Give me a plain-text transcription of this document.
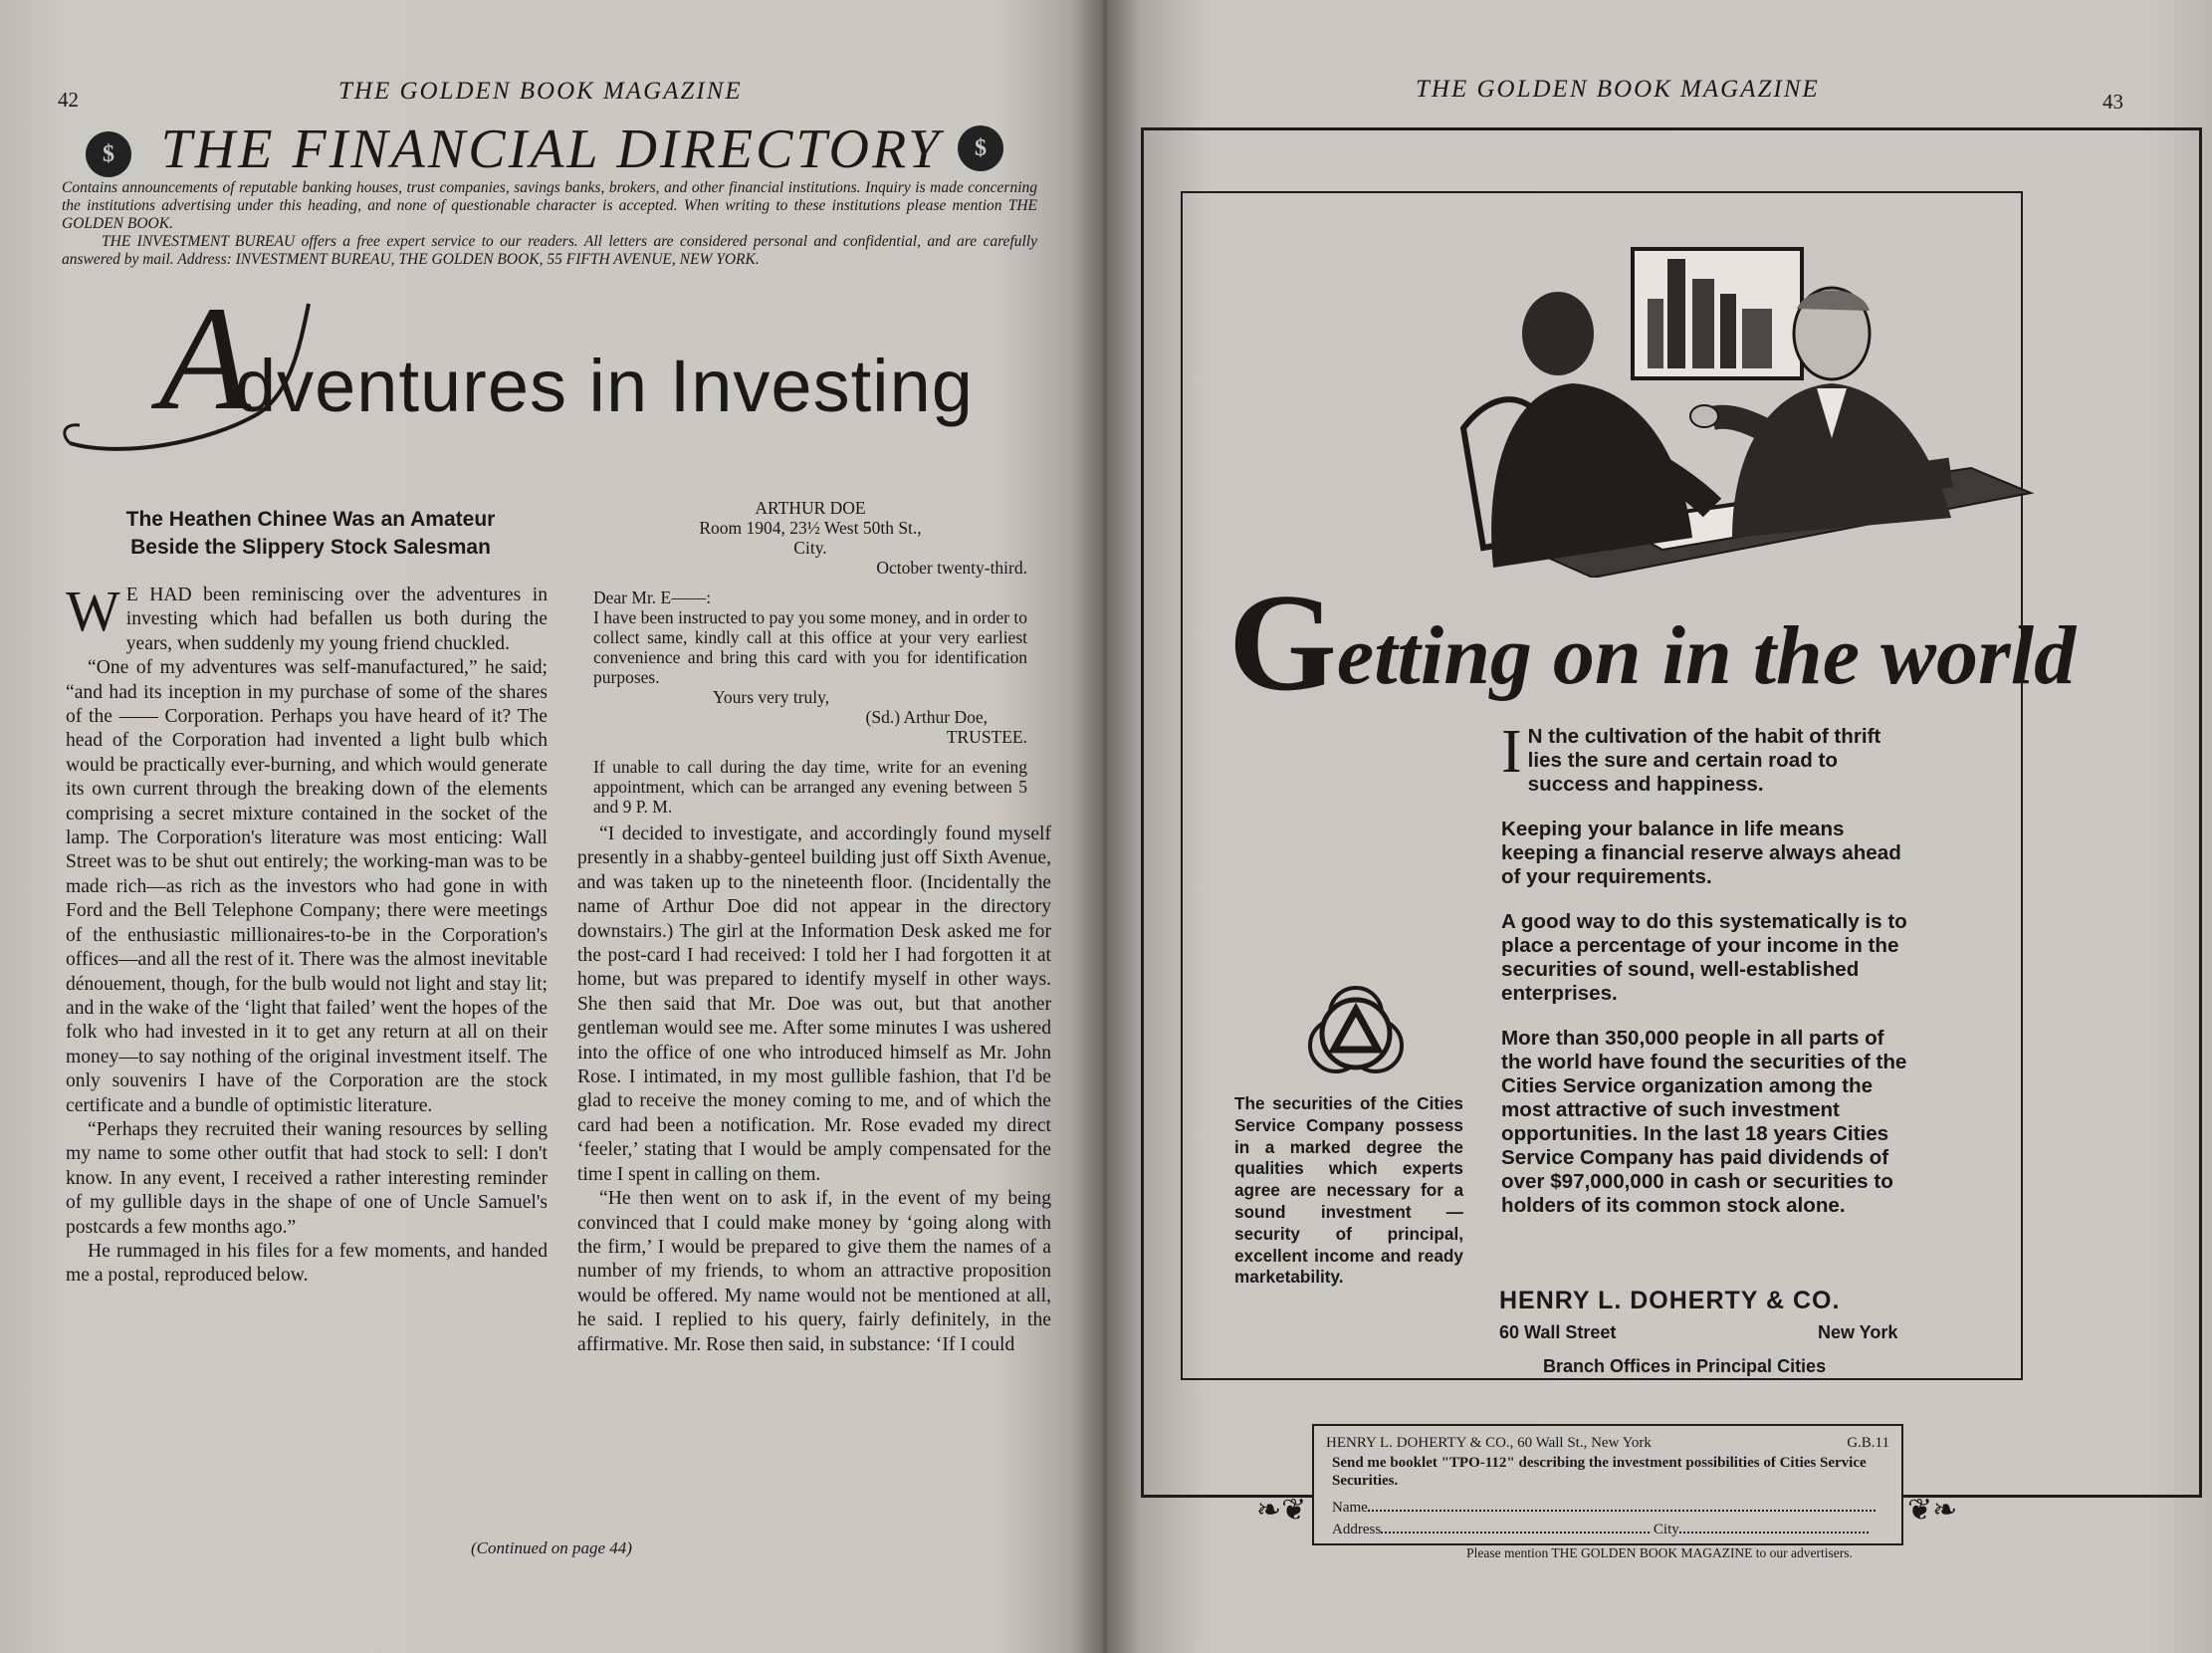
42	THE GOLDEN BOOK MAGAZINE
$	$
THE FINANCIAL DIRECTORY

Contains announcements of reputable banking houses, trust companies, savings banks, brokers, and other financial institutions. Inquiry is made concerning the institutions advertising under this heading, and none of questionable character is accepted. When writing to these institutions please mention THE GOLDEN BOOK.

THE INVESTMENT BUREAU offers a free expert service to our readers. All letters are considered personal and confidential, and are carefully answered by mail. Address: INVESTMENT BUREAU, THE GOLDEN BOOK, 55 FIFTH AVENUE, NEW YORK.

A
dventures in Investing
The Heathen Chinee Was an Amateur
Beside the Slippery Stock Salesman

W E HAD been reminiscing over the adventures in investing which had befallen us both during the years, when suddenly my young friend chuckled.

“One of my adventures was self-manufactured,” he said; “and had its inception in my purchase of some of the shares of the —— Corporation. Perhaps you have heard of it? The head of the Corporation had invented a light bulb which would be practically ever-burning, and which would generate its own current through the breaking down of the elements comprising a secret mixture contained in the socket of the lamp. The Corporation's literature was most enticing: Wall Street was to be shut out entirely; the working-man was to be made rich—as rich as the investors who had gone in with Ford and the Bell Telephone Company; there were meetings of the enthusiastic millionaires-to-be in the Corporation's offices—and all the rest of it. There was the almost inevitable dénouement, though, for the bulb would not light and stay lit; and in the wake of the ‘light that failed’ went the hopes of the folk who had invested in it to get any return at all on their money—to say nothing of the original investment itself. The only souvenirs I have of the Corporation are the stock certificate and a bundle of optimistic literature.

“Perhaps they recruited their waning resources by selling my name to some other outfit that had stock to sell: I don't know. In any event, I received a rather interesting reminder of my gullible days in the shape of one of Uncle Samuel's postcards a few months ago.”

He rummaged in his files for a few moments, and handed me a postal, reproduced below.

ARTHUR DOE

Room 1904, 23½ West 50th St.,

City.

October twenty-third.

Dear Mr. E——:

I have been instructed to pay you some money, and in order to collect same, kindly call at this office at your very earliest convenience and bring this card with you for identification purposes.

Yours very truly,

(Sd.) Arthur Doe,

TRUSTEE.

If unable to call during the day time, write for an evening appointment, which can be arranged any evening between 5 and 9 P. M.

“I decided to investigate, and accordingly found myself presently in a shabby-genteel building just off Sixth Avenue, and was taken up to the nineteenth floor. (Incidentally the name of Arthur Doe did not appear in the directory downstairs.) The girl at the Information Desk asked me for the post-card I had received: I told her I had forgotten it at home, but was prepared to identify myself in other ways. She then said that Mr. Doe was out, but that another gentleman would see me. After some minutes I was ushered into the office of one who introduced himself as Mr. John Rose. I intimated, in my most gullible fashion, that I'd be glad to receive the money coming to me, and of which the card had been a notification. Mr. Rose evaded my direct ‘feeler,’ stating that I would be amply compensated for the time I spent in calling on them.

“He then went on to ask if, in the event of my being convinced that I could make money by ‘going along with the firm,’ I would be prepared to give them the names of a number of my friends, to whom an attractive proposition would be offered. My name would not be mentioned at all, he said. I replied to his query, fairly definitely, in the affirmative. Mr. Rose then said, in substance: ‘If I could

(Continued on page 44)
THE GOLDEN BOOK MAGAZINE	43
Getting on in the world

I N the cultivation of the habit of thrift lies the sure and certain road to success and happiness.

Keeping your balance in life means keeping a financial reserve always ahead of your requirements.

A good way to do this systematically is to place a percentage of your income in the securities of sound, well-established enterprises.

More than 350,000 people in all parts of the world have found the securities of the Cities Service organization among the most attractive of such investment opportunities. In the last 18 years Cities Service Company has paid dividends of over $97,000,000 in cash or securities to holders of its common stock alone.

The securities of the Cities Service Company possess in a marked degree the qualities which experts agree are necessary for a sound investment — security of principal, excellent income and ready marketability.
HENRY L. DOHERTY & CO.
60 Wall Street	New York
Branch Offices in Principal Cities
❧❦	❦❧
HENRY L. DOHERTY & CO., 60 Wall St., New York	G.B.11
Send me booklet "TPO-112" describing the investment possibilities of Cities Service Securities.
Name
Address	City
Please mention THE GOLDEN BOOK MAGAZINE to our advertisers.
